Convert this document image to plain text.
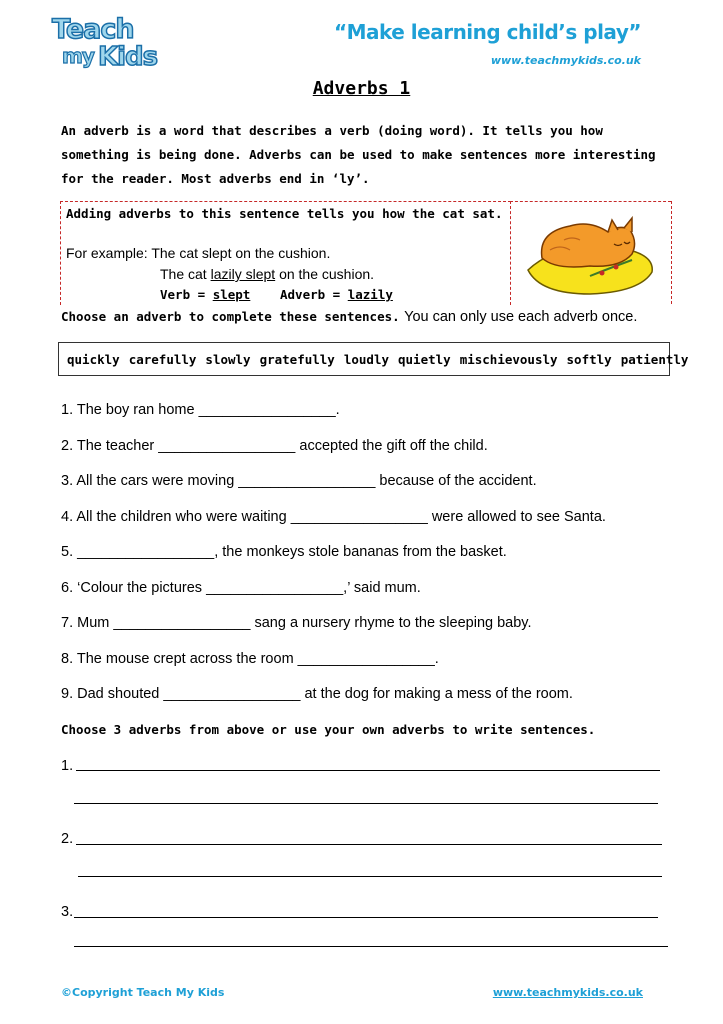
Teach
my Kids
“Make learning child’s play”
www.teachmykids.co.uk
Adverbs 1
An adverb is a word that describes a verb (doing word). It tells you how something is being done. Adverbs can be used to make sentences more interesting for the reader. Most adverbs end in ‘ly’.
Adding adverbs to this sentence tells you how the cat sat.
For example: The cat slept on the cushion.
The cat lazily slept on the cushion.
Verb = slept Adverb = lazily
Choose an adverb to complete these sentences. You can only use each adverb once.
quickly carefully slowly gratefully loudly quietly mischievously softly patiently
1. The boy ran home _________________.
2. The teacher _________________ accepted the gift off the child.
3. All the cars were moving _________________ because of the accident.
4. All the children who were waiting _________________ were allowed to see Santa.
5. _________________, the monkeys stole bananas from the basket.
6. ‘Colour the pictures _________________,’ said mum.
7. Mum _________________ sang a nursery rhyme to the sleeping baby.
8. The mouse crept across the room _________________.
9. Dad shouted _________________ at the dog for making a mess of the room.
Choose 3 adverbs from above or use your own adverbs to write sentences.
1.
2.
3.
©Copyright Teach My Kids	www.teachmykids.co.uk
